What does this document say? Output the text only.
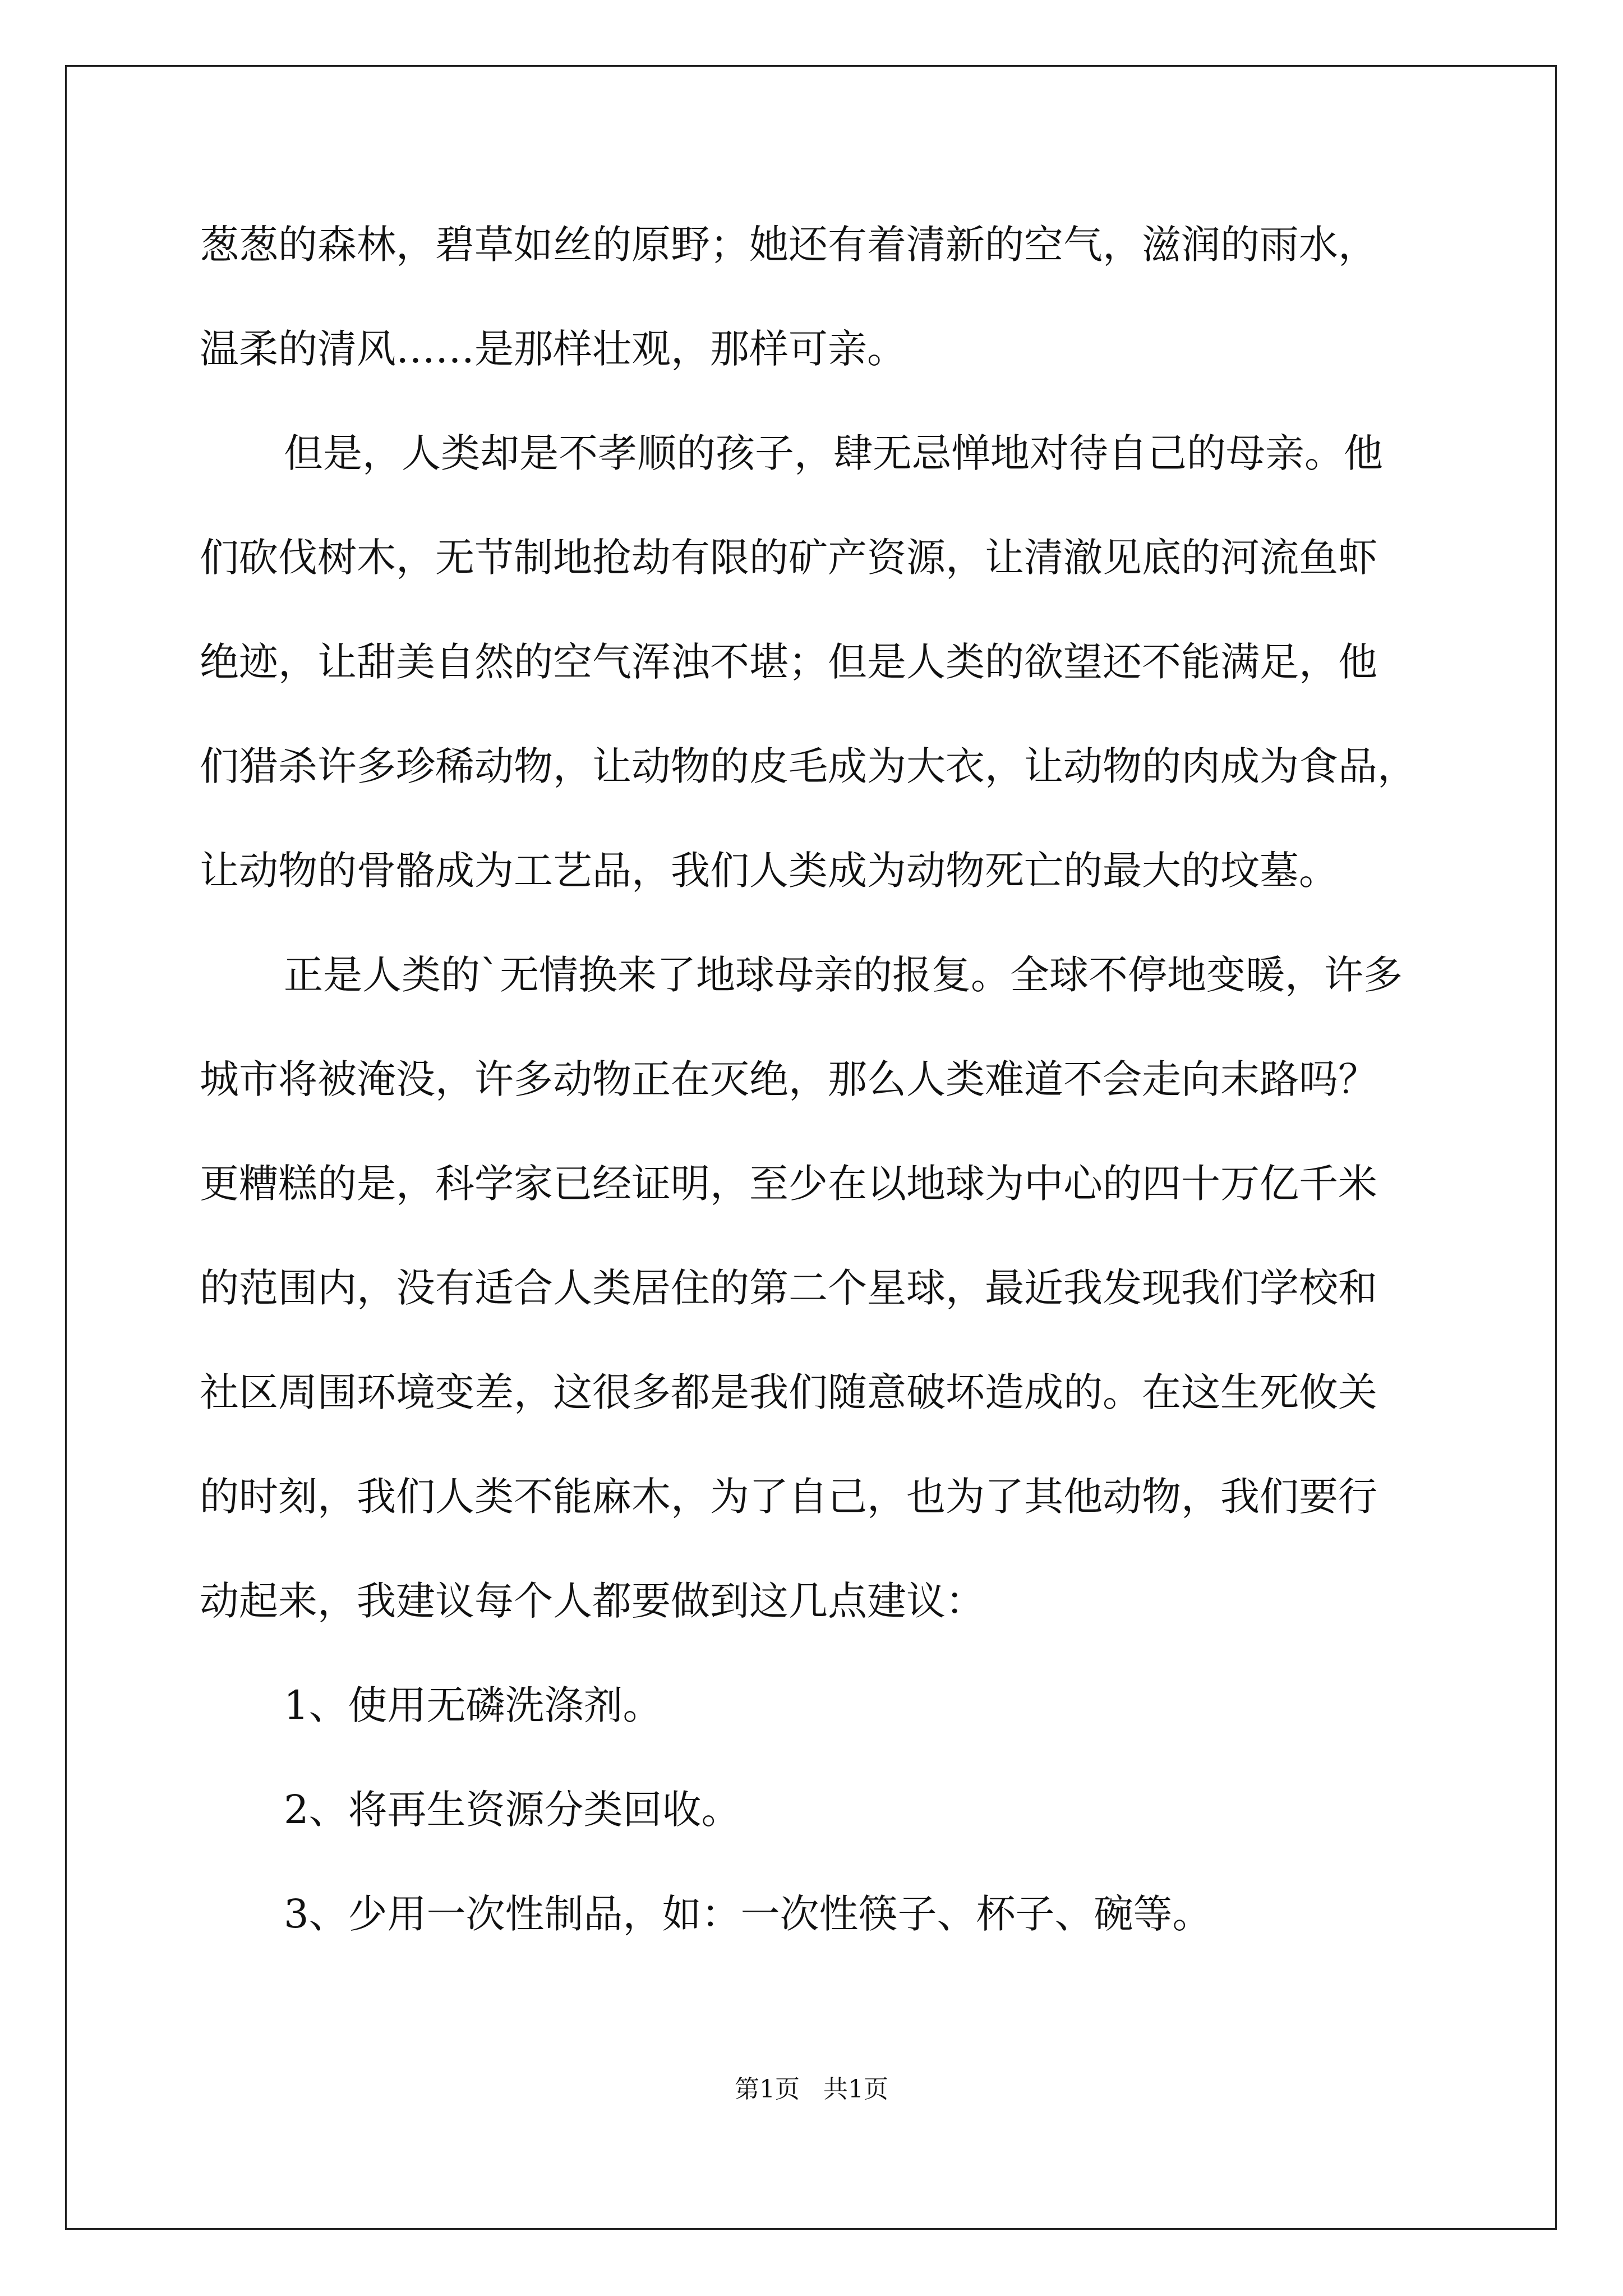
葱葱的森林，碧草如丝的原野；她还有着清新的空气，滋润的雨水，
温柔的清风……是那样壮观，那样可亲。
但是，人类却是不孝顺的孩子，肆无忌惮地对待自己的母亲。他
们砍伐树木，无节制地抢劫有限的矿产资源，让清澈见底的河流鱼虾
绝迹，让甜美自然的空气浑浊不堪；但是人类的欲望还不能满足，他
们猎杀许多珍稀动物，让动物的皮毛成为大衣，让动物的肉成为食品，
让动物的骨骼成为工艺品，我们人类成为动物死亡的最大的坟墓。
正是人类的`无情换来了地球母亲的报复。全球不停地变暖，许多
城市将被淹没，许多动物正在灭绝，那么人类难道不会走向末路吗？
更糟糕的是，科学家已经证明，至少在以地球为中心的四十万亿千米
的范围内，没有适合人类居住的第二个星球，最近我发现我们学校和
社区周围环境变差，这很多都是我们随意破坏造成的。在这生死攸关
的时刻，我们人类不能麻木，为了自己，也为了其他动物，我们要行
动起来，我建议每个人都要做到这几点建议：
1、使用无磷洗涤剂。
2、将再生资源分类回收。
3、少用一次性制品，如：一次性筷子、杯子、碗等。
第1页   共1页
